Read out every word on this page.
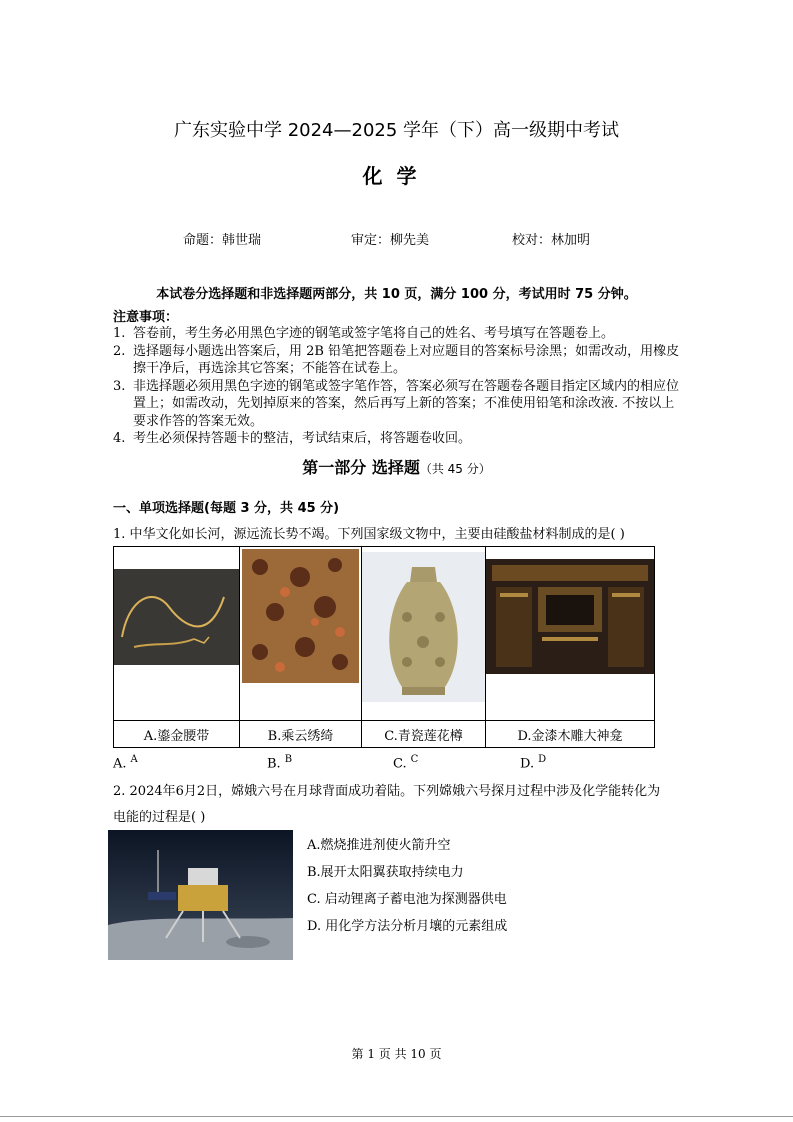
广东实验中学 2024—2025 学年（下）高一级期中考试
化学
命题：韩世瑞	审定：柳先美	校对：林加明
本试卷分选择题和非选择题两部分，共 10 页，满分 100 分，考试用时 75 分钟。
注意事项：
1. 答卷前，考生务必用黑色字迹的钢笔或签字笔将自己的姓名、考号填写在答题卷上。
2. 选择题每小题选出答案后，用 2B 铅笔把答题卷上对应题目的答案标号涂黑；如需改动，用橡皮擦干净后，再选涂其它答案；不能答在试卷上。
3. 非选择题必须用黑色字迹的钢笔或签字笔作答，答案必须写在答题卷各题目指定区域内的相应位置上；如需改动，先划掉原来的答案，然后再写上新的答案；不准使用铅笔和涂改液. 不按以上要求作答的答案无效。
4. 考生必须保持答题卡的整洁，考试结束后，将答题卷收回。
第一部分 选择题（共 45 分）
一、单项选择题(每题 3 分，共 45 分)
1. 中华文化如长河，源远流长势不竭。下列国家级文物中，主要由硅酸盐材料制成的是( )

A.鎏金腰带	B.乘云绣绮	C.青瓷莲花樽	D.金漆木雕大神龛
A. $^A$	B. $^B$	C. $^C$	D. $^D$
2. 2024年6月2日，嫦娥六号在月球背面成功着陆。下列嫦娥六号探月过程中涉及化学能转化为
电能的过程是( )
A.燃烧推进剂使火箭升空
B.展开太阳翼获取持续电力
C. 启动锂离子蓄电池为探测器供电
D. 用化学方法分析月壤的元素组成
第 1 页 共 10 页
